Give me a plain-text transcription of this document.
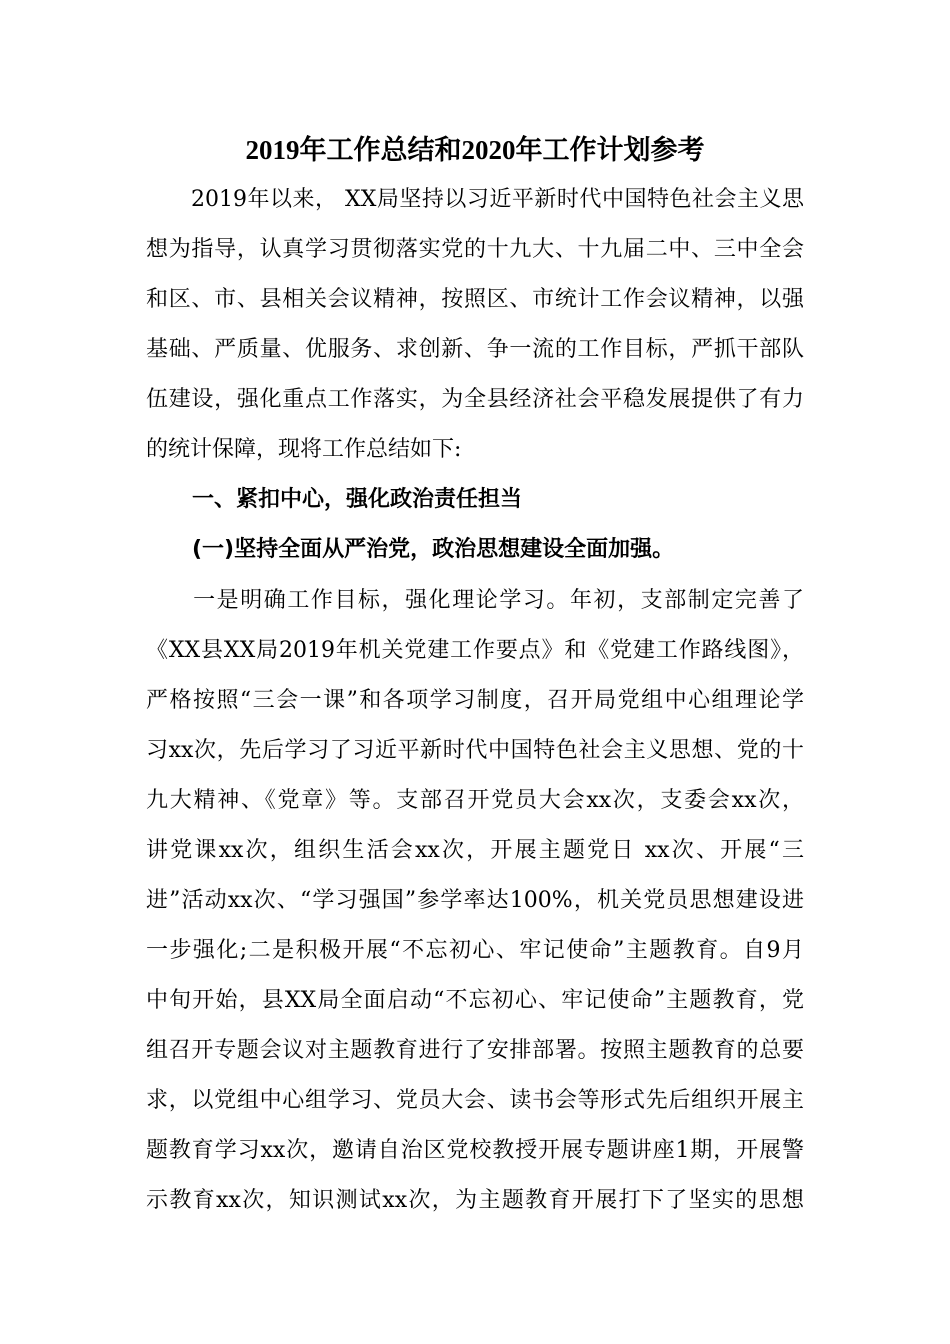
2019年工作总结和2020年工作计划参考
　　2019年以来， XX局坚持以习近平新时代中国特色社会主义思
想为指导，认真学习贯彻落实党的十九大、十九届二中、三中全会
和区、市、县相关会议精神，按照区、市统计工作会议精神，以强
基础、严质量、优服务、求创新、争一流的工作目标，严抓干部队
伍建设，强化重点工作落实，为全县经济社会平稳发展提供了有力
的统计保障，现将工作总结如下:
一、紧扣中心，强化政治责任担当
(一)坚持全面从严治党，政治思想建设全面加强。
　　一是明确工作目标，强化理论学习。年初，支部制定完善了
《XX县XX局2019年机关党建工作要点》和《党建工作路线图》，
严格按照“三会一课”和各项学习制度，召开局党组中心组理论学
习xx次，先后学习了习近平新时代中国特色社会主义思想、党的十
九大精神、《党章》等。支部召开党员大会xx次，支委会xx次，
讲党课xx次，组织生活会xx次，开展主题党日 xx次、开展“三
进”活动xx次、“学习强国”参学率达100%，机关党员思想建设进
一步强化;二是积极开展“不忘初心、牢记使命”主题教育。自9月
中旬开始，县XX局全面启动“不忘初心、牢记使命”主题教育，党
组召开专题会议对主题教育进行了安排部署。按照主题教育的总要
求，以党组中心组学习、党员大会、读书会等形式先后组织开展主
题教育学习xx次，邀请自治区党校教授开展专题讲座1期，开展警
示教育xx次，知识测试xx次，为主题教育开展打下了坚实的思想
